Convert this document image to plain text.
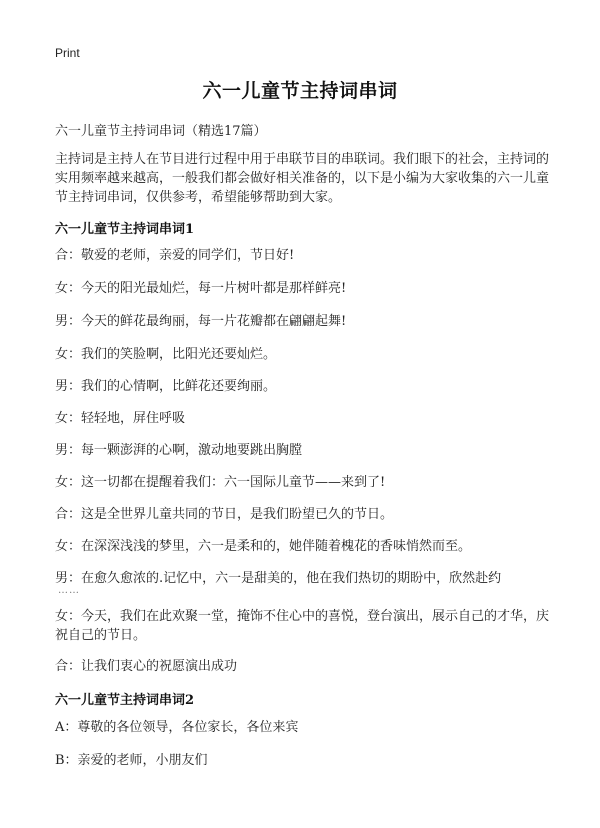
Print
六一儿童节主持词串词
六一儿童节主持词串词（精选17篇）
主持词是主持人在节目进行过程中用于串联节目的串联词。我们眼下的社会，主持词的实用频率越来越高，一般我们都会做好相关准备的，以下是小编为大家收集的六一儿童节主持词串词，仅供参考，希望能够帮助到大家。
六一儿童节主持词串词1
合：敬爱的老师，亲爱的同学们，节日好!
女：今天的阳光最灿烂，每一片树叶都是那样鲜亮!
男：今天的鲜花最绚丽，每一片花瓣都在翩翩起舞!
女：我们的笑脸啊，比阳光还要灿烂。
男：我们的心情啊，比鲜花还要绚丽。
女：轻轻地，屏住呼吸
男：每一颗澎湃的心啊，激动地要跳出胸膛
女：这一切都在提醒着我们：六一国际儿童节——来到了!
合：这是全世界儿童共同的节日，是我们盼望已久的节日。
女：在深深浅浅的梦里，六一是柔和的，她伴随着槐花的香味悄然而至。
男：在愈久愈浓的.记忆中，六一是甜美的，他在我们热切的期盼中，欣然赴约
……
女：今天，我们在此欢聚一堂，掩饰不住心中的喜悦，登台演出，展示自己的才华，庆祝自己的节日。
合：让我们衷心的祝愿演出成功
六一儿童节主持词串词2
A：尊敬的各位领导，各位家长，各位来宾
B：亲爱的老师，小朋友们
